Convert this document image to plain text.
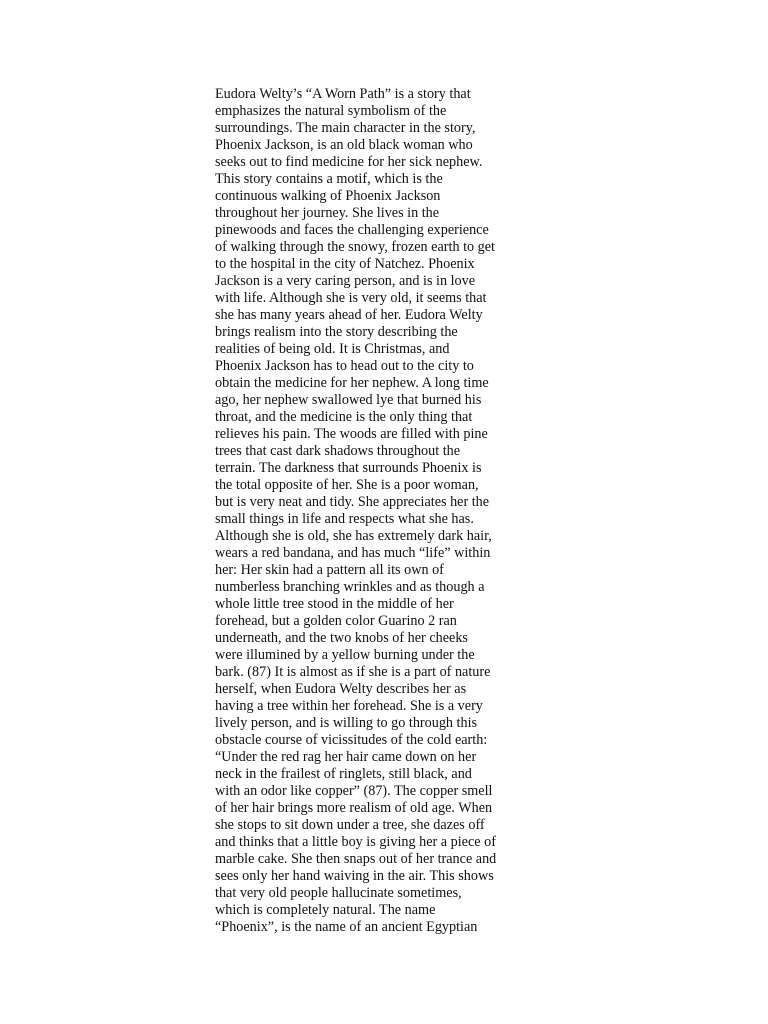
Eudora Welty’s “A Worn Path” is a story that
emphasizes the natural symbolism of the
surroundings. The main character in the story,
Phoenix Jackson, is an old black woman who
seeks out to find medicine for her sick nephew.
This story contains a motif, which is the
continuous walking of Phoenix Jackson
throughout her journey. She lives in the
pinewoods and faces the challenging experience
of walking through the snowy, frozen earth to get
to the hospital in the city of Natchez. Phoenix
Jackson is a very caring person, and is in love
with life. Although she is very old, it seems that
she has many years ahead of her. Eudora Welty
brings realism into the story describing the
realities of being old. It is Christmas, and
Phoenix Jackson has to head out to the city to
obtain the medicine for her nephew. A long time
ago, her nephew swallowed lye that burned his
throat, and the medicine is the only thing that
relieves his pain. The woods are filled with pine
trees that cast dark shadows throughout the
terrain. The darkness that surrounds Phoenix is
the total opposite of her. She is a poor woman,
but is very neat and tidy. She appreciates her the
small things in life and respects what she has.
Although she is old, she has extremely dark hair,
wears a red bandana, and has much “life” within
her: Her skin had a pattern all its own of
numberless branching wrinkles and as though a
whole little tree stood in the middle of her
forehead, but a golden color Guarino 2 ran
underneath, and the two knobs of her cheeks
were illumined by a yellow burning under the
bark. (87) It is almost as if she is a part of nature
herself, when Eudora Welty describes her as
having a tree within her forehead. She is a very
lively person, and is willing to go through this
obstacle course of vicissitudes of the cold earth:
“Under the red rag her hair came down on her
neck in the frailest of ringlets, still black, and
with an odor like copper” (87). The copper smell
of her hair brings more realism of old age. When
she stops to sit down under a tree, she dazes off
and thinks that a little boy is giving her a piece of
marble cake. She then snaps out of her trance and
sees only her hand waiving in the air. This shows
that very old people hallucinate sometimes,
which is completely natural. The name
“Phoenix”, is the name of an ancient Egyptian
